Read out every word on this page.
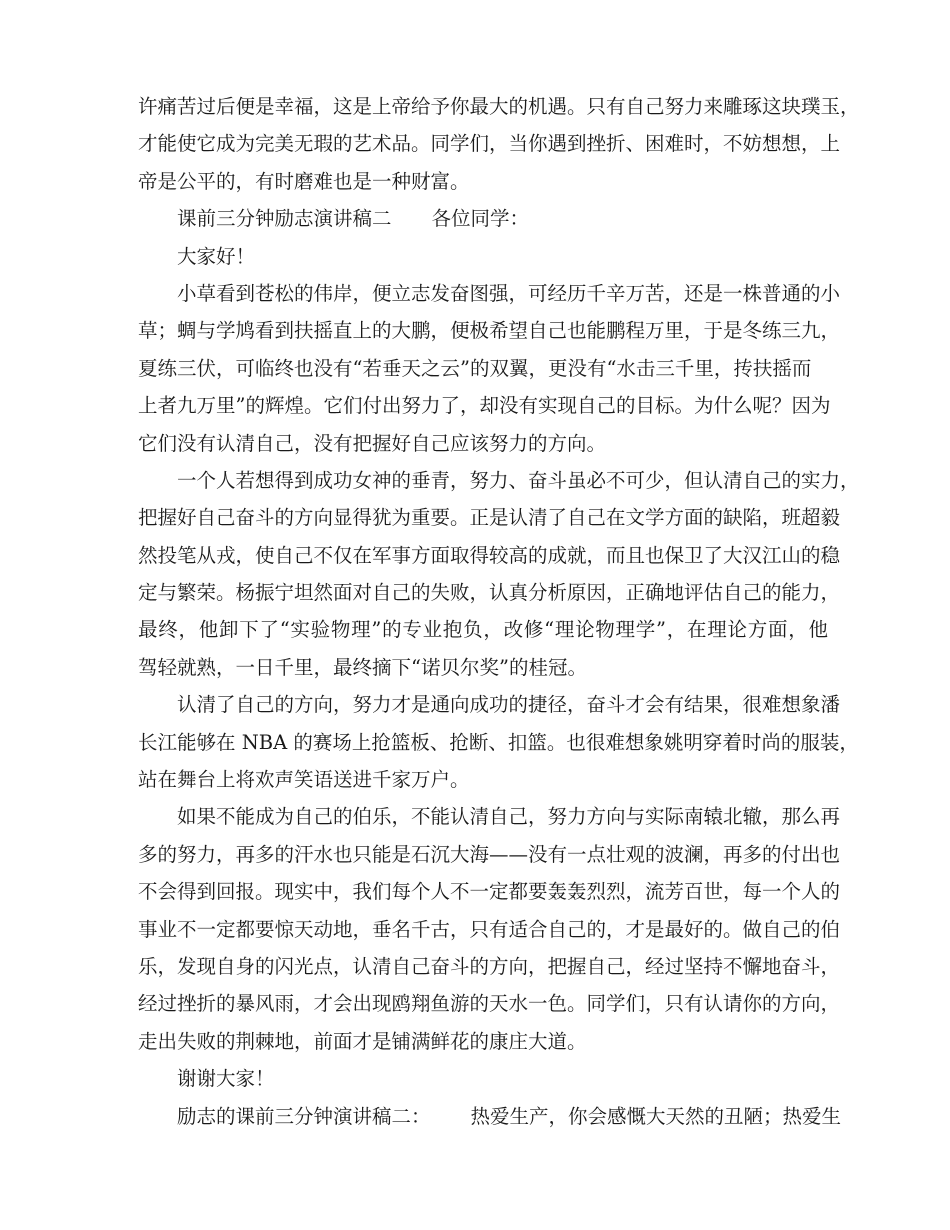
许痛苦过后便是幸福，这是上帝给予你最大的机遇。只有自己努力来雕琢这块璞玉，
才能使它成为完美无瑕的艺术品。同学们，当你遇到挫折、困难时，不妨想想，上
帝是公平的，有时磨难也是一种财富。
课前三分钟励志演讲稿二 各位同学：
大家好！
小草看到苍松的伟岸，便立志发奋图强，可经历千辛万苦，还是一株普通的小
草；蜩与学鸠看到扶摇直上的大鹏，便极希望自己也能鹏程万里，于是冬练三九，
夏练三伏，可临终也没有“若垂天之云”的双翼，更没有“水击三千里，抟扶摇而
上者九万里”的辉煌。它们付出努力了，却没有实现自己的目标。为什么呢？因为
它们没有认清自己，没有把握好自己应该努力的方向。
一个人若想得到成功女神的垂青，努力、奋斗虽必不可少，但认清自己的实力，
把握好自己奋斗的方向显得犹为重要。正是认清了自己在文学方面的缺陷，班超毅
然投笔从戎，使自己不仅在军事方面取得较高的成就，而且也保卫了大汉江山的稳
定与繁荣。杨振宁坦然面对自己的失败，认真分析原因，正确地评估自己的能力，
最终，他卸下了“实验物理”的专业抱负，改修“理论物理学”，在理论方面，他
驾轻就熟，一日千里，最终摘下“诺贝尔奖”的桂冠。
认清了自己的方向，努力才是通向成功的捷径，奋斗才会有结果，很难想象潘
长江能够在 NBA 的赛场上抢篮板、抢断、扣篮。也很难想象姚明穿着时尚的服装，
站在舞台上将欢声笑语送进千家万户。
如果不能成为自己的伯乐，不能认清自己，努力方向与实际南辕北辙，那么再
多的努力，再多的汗水也只能是石沉大海——没有一点壮观的波澜，再多的付出也
不会得到回报。现实中，我们每个人不一定都要轰轰烈烈，流芳百世，每一个人的
事业不一定都要惊天动地，垂名千古，只有适合自己的，才是最好的。做自己的伯
乐，发现自身的闪光点，认清自己奋斗的方向，把握自己，经过坚持不懈地奋斗，
经过挫折的暴风雨，才会出现鸥翔鱼游的天水一色。同学们，只有认请你的方向，
走出失败的荆棘地，前面才是铺满鲜花的康庄大道。
谢谢大家！
励志的课前三分钟演讲稿二： 热爱生产，你会感慨大天然的丑陋；热爱生
